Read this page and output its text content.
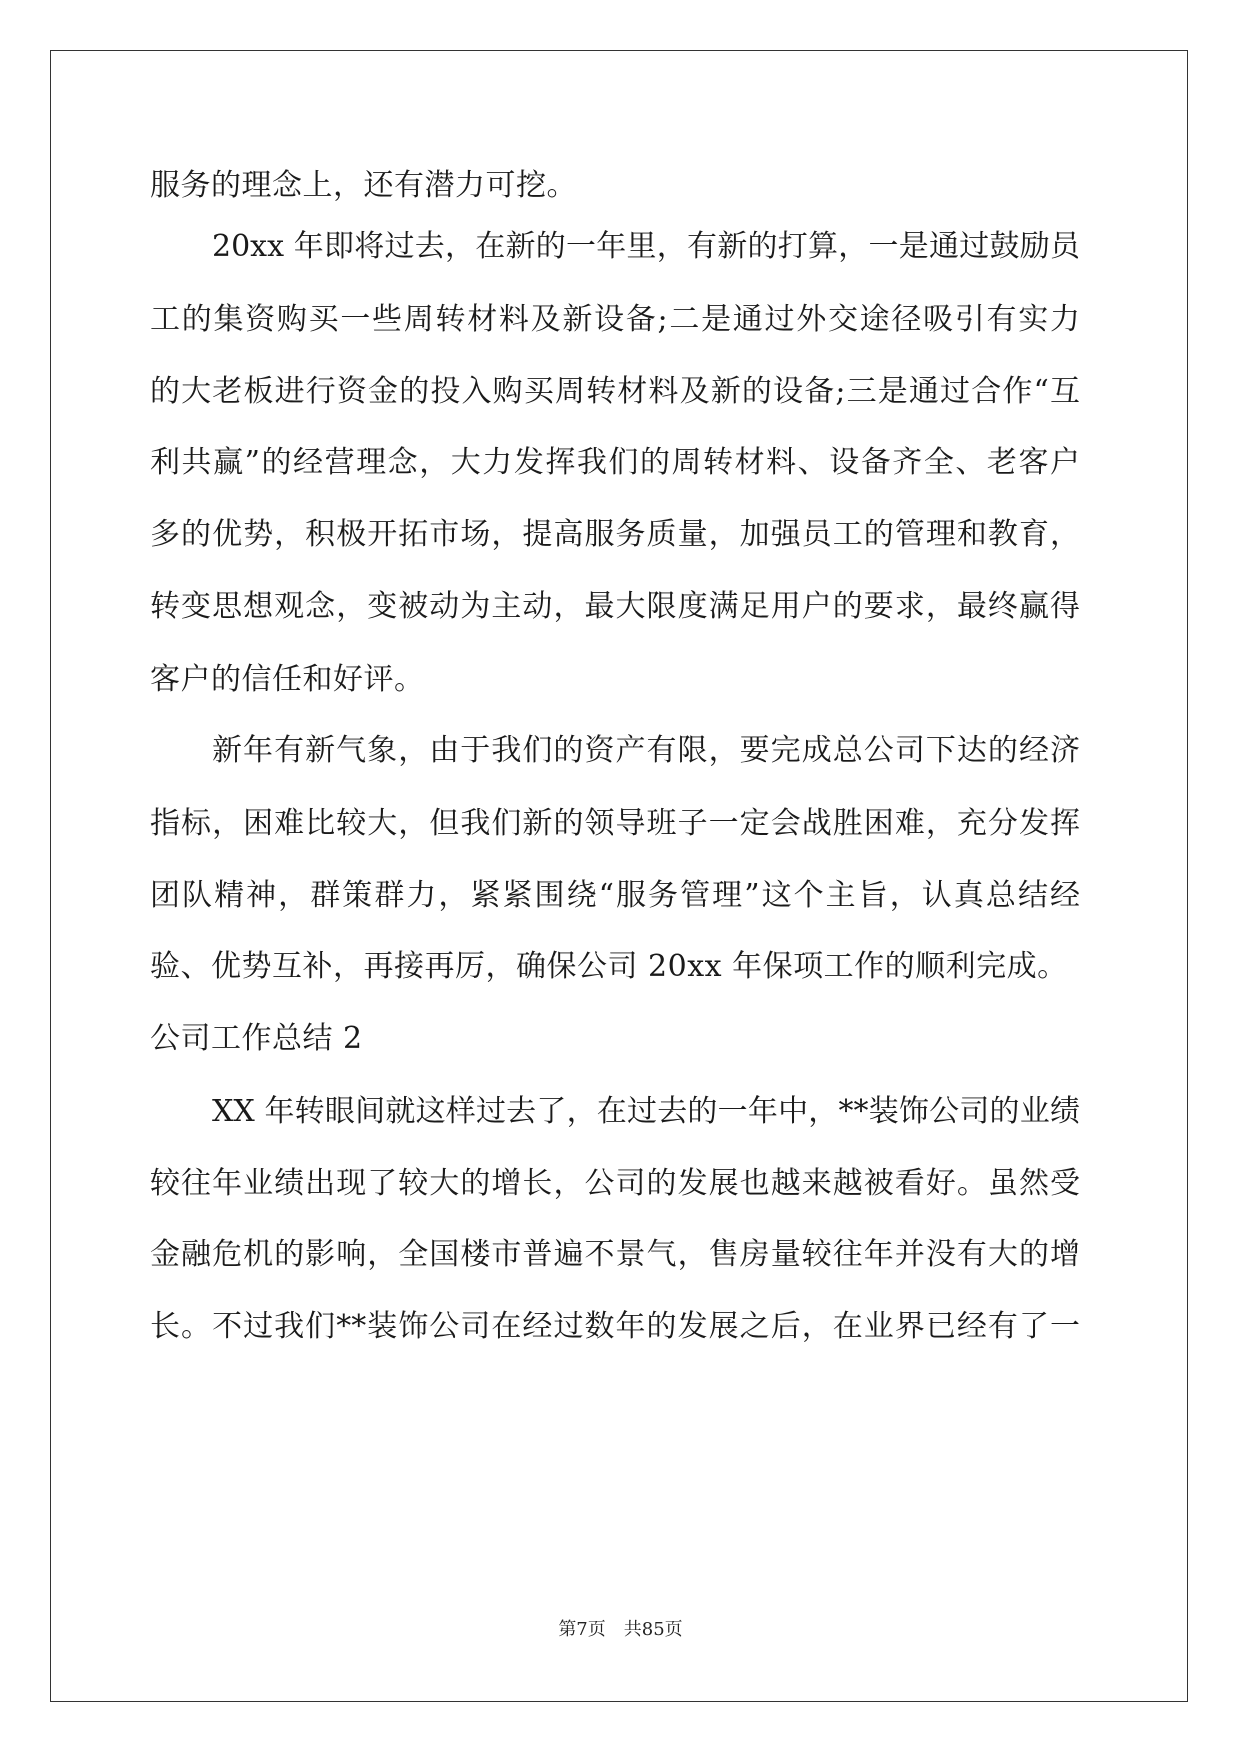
服务的理念上，还有潜力可挖。
20xx 年即将过去，在新的一年里，有新的打算，一是通过鼓励员
工的集资购买一些周转材料及新设备;二是通过外交途径吸引有实力
的大老板进行资金的投入购买周转材料及新的设备;三是通过合作“互
利共赢”的经营理念，大力发挥我们的周转材料、设备齐全、老客户
多的优势，积极开拓市场，提高服务质量，加强员工的管理和教育，
转变思想观念，变被动为主动，最大限度满足用户的要求，最终赢得
客户的信任和好评。
新年有新气象，由于我们的资产有限，要完成总公司下达的经济
指标，困难比较大，但我们新的领导班子一定会战胜困难，充分发挥
团队精神，群策群力，紧紧围绕“服务管理”这个主旨，认真总结经
验、优势互补，再接再厉，确保公司 20xx 年保项工作的顺利完成。
公司工作总结 2
XX 年转眼间就这样过去了，在过去的一年中，**装饰公司的业绩
较往年业绩出现了较大的增长，公司的发展也越来越被看好。虽然受
金融危机的影响，全国楼市普遍不景气，售房量较往年并没有大的增
长。不过我们**装饰公司在经过数年的发展之后，在业界已经有了一
第7页　共85页
